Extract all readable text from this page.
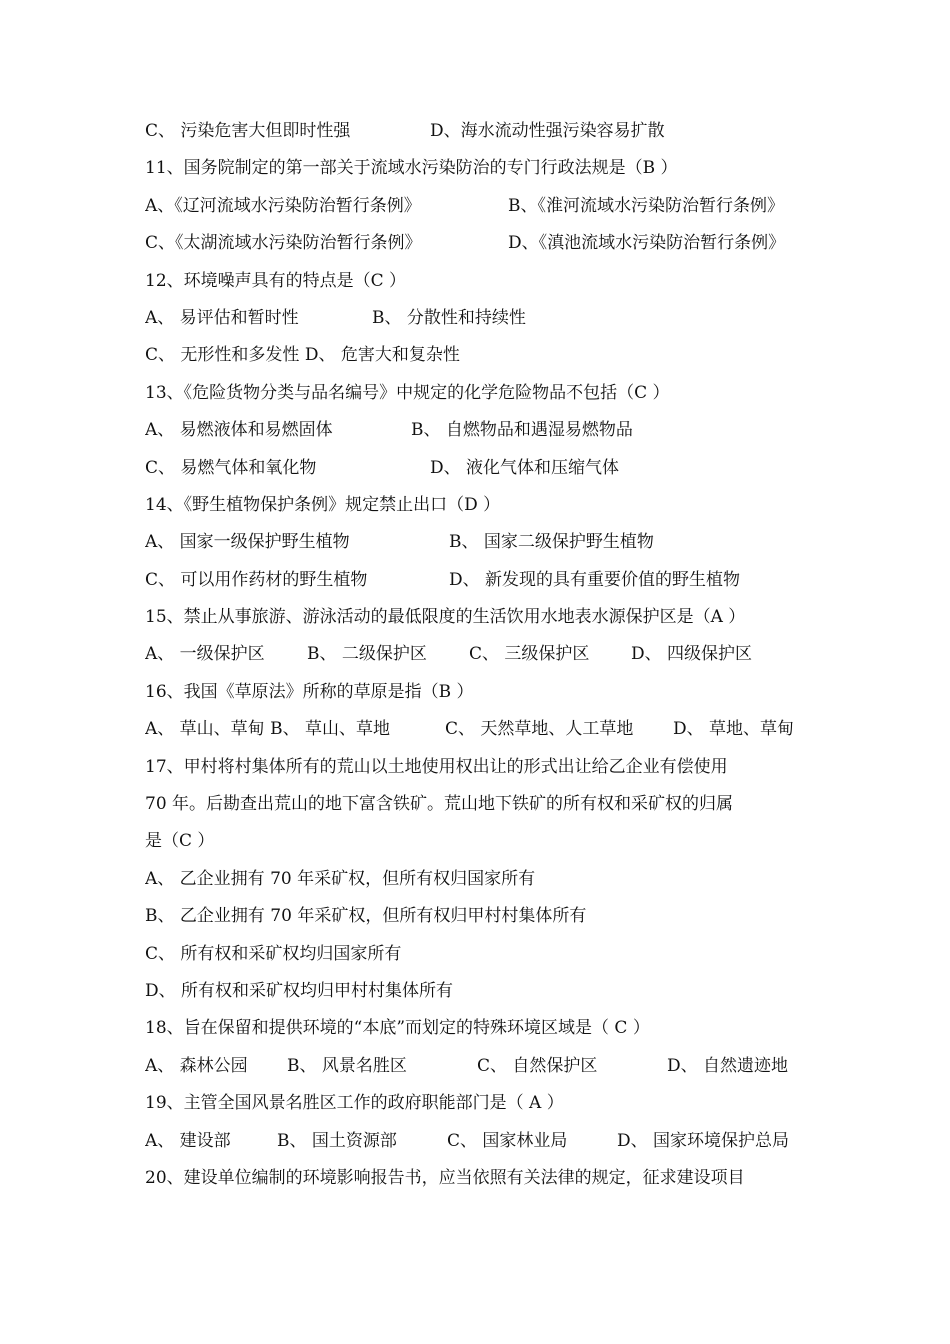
C、 污染危害大但即时性强	D、海水流动性强污染容易扩散
11、国务院制定的第一部关于流域水污染防治的专门行政法规是（B ）
A、《辽河流域水污染防治暂行条例》	B、《淮河流域水污染防治暂行条例》
C、《太湖流域水污染防治暂行条例》	D、《滇池流域水污染防治暂行条例》
12、环境噪声具有的特点是（C ）
A、 易评估和暂时性	B、 分散性和持续性
C、 无形性和多发性 D、 危害大和复杂性
13、《危险货物分类与品名编号》中规定的化学危险物品不包括（C ）
A、 易燃液体和易燃固体	B、 自燃物品和遇湿易燃物品
C、 易燃气体和氧化物	D、 液化气体和压缩气体
14、《野生植物保护条例》规定禁止出口（D ）
A、 国家一级保护野生植物	B、 国家二级保护野生植物
C、 可以用作药材的野生植物	D、 新发现的具有重要价值的野生植物
15、禁止从事旅游、游泳活动的最低限度的生活饮用水地表水源保护区是（A ）
A、 一级保护区	B、 二级保护区	C、 三级保护区	D、 四级保护区
16、我国《草原法》所称的草原是指（B ）
A、 草山、草甸 B、 草山、草地	C、 天然草地、人工草地	D、 草地、草甸
17、甲村将村集体所有的荒山以土地使用权出让的形式出让给乙企业有偿使用
70 年。后勘查出荒山的地下富含铁矿。荒山地下铁矿的所有权和采矿权的归属
是（C ）
A、 乙企业拥有 70 年采矿权，但所有权归国家所有
B、 乙企业拥有 70 年采矿权，但所有权归甲村村集体所有
C、 所有权和采矿权均归国家所有
D、 所有权和采矿权均归甲村村集体所有
18、旨在保留和提供环境的“本底”而划定的特殊环境区域是（ C ）
A、 森林公园	B、 风景名胜区	C、 自然保护区	D、 自然遗迹地
19、主管全国风景名胜区工作的政府职能部门是（ A ）
A、 建设部	B、 国土资源部	C、 国家林业局	D、 国家环境保护总局
20、建设单位编制的环境影响报告书，应当依照有关法律的规定，征求建设项目
